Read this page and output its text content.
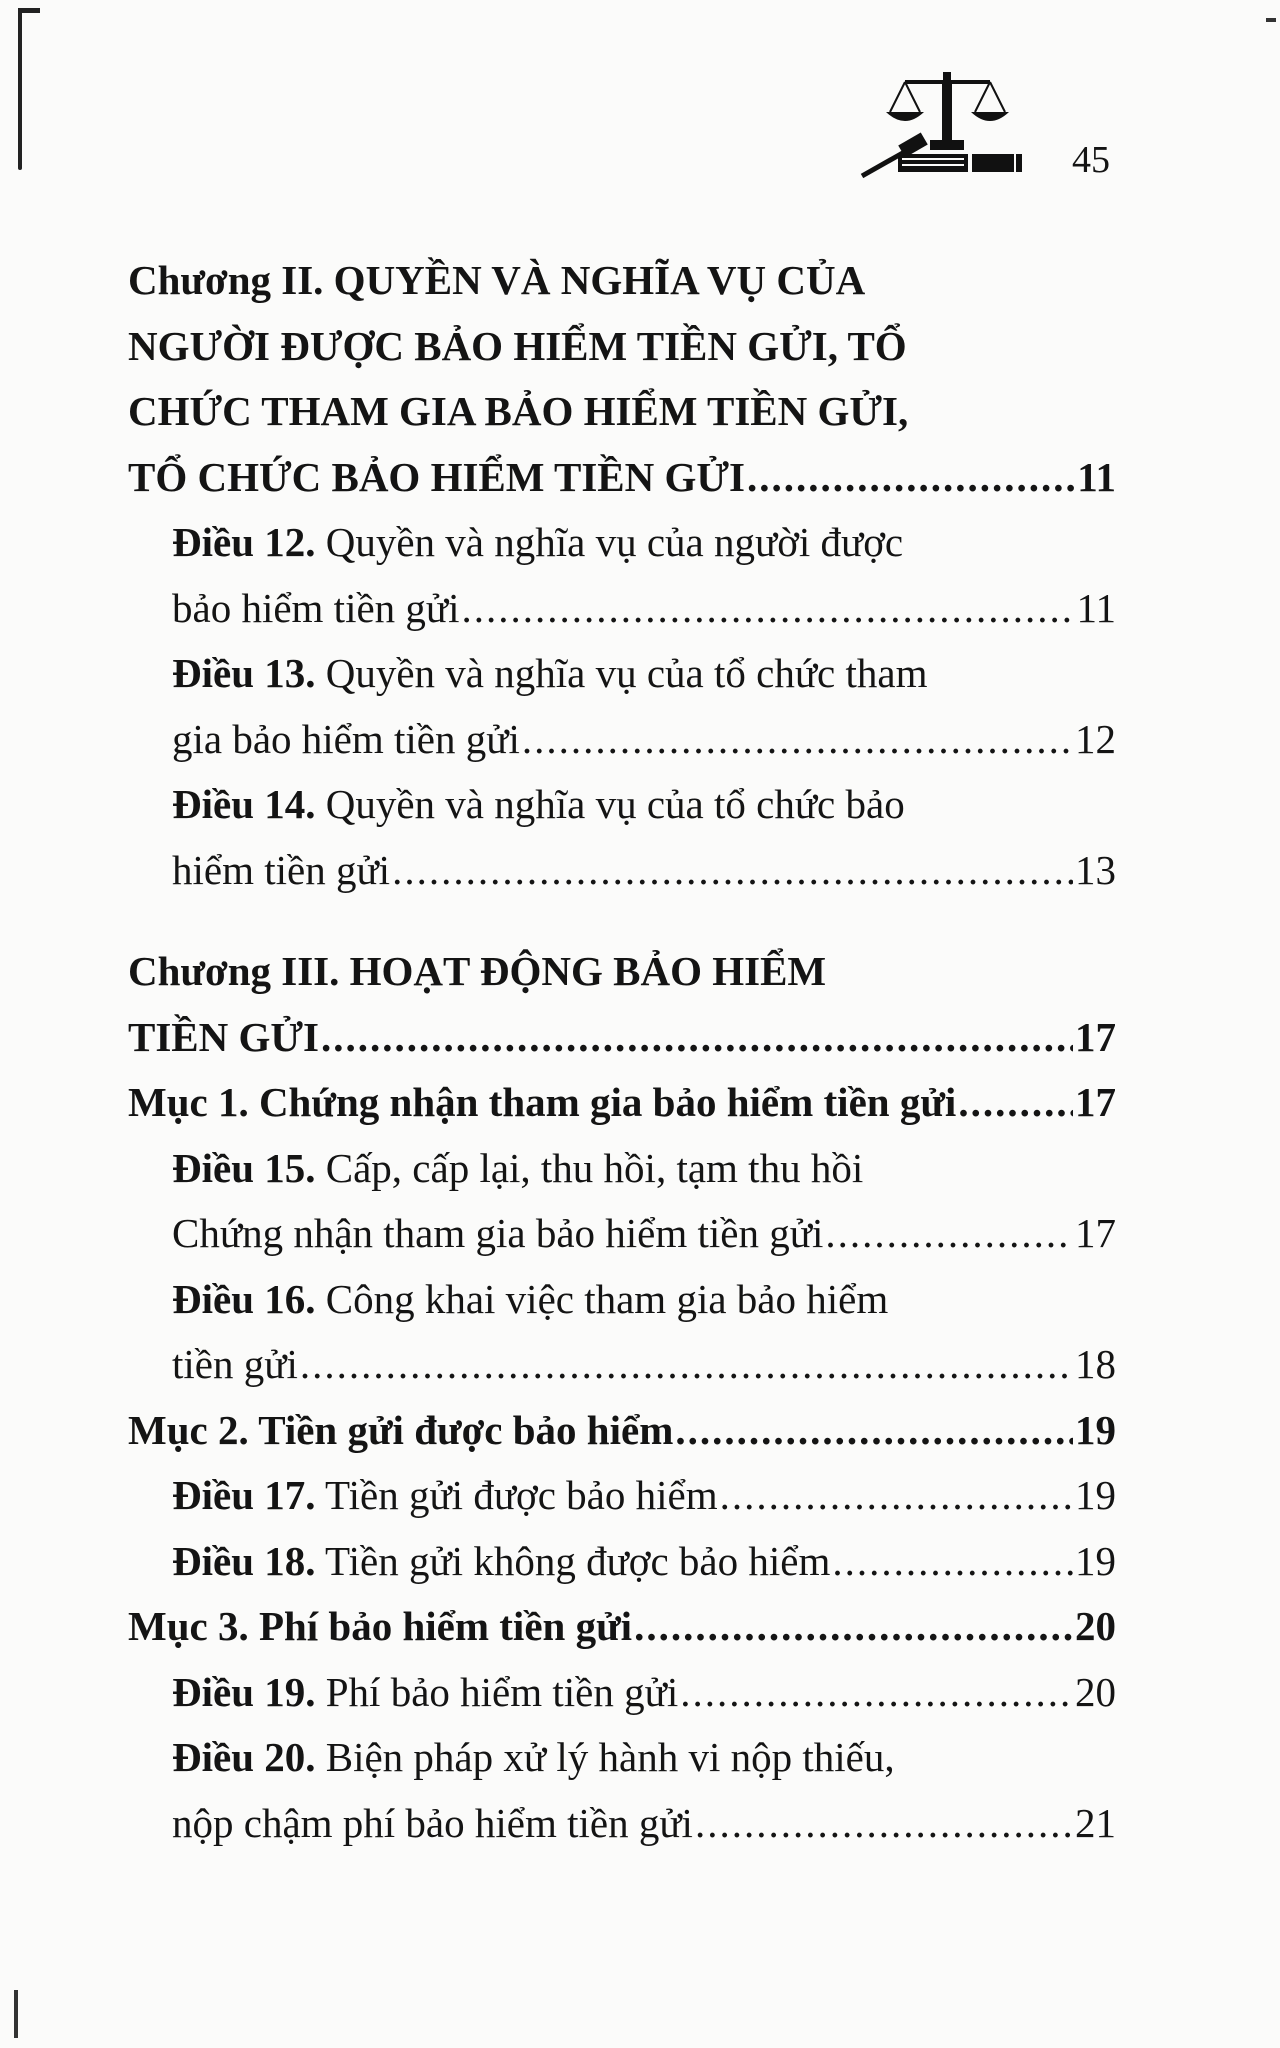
45
Chương II. QUYỀN VÀ NGHĨA VỤ CỦA
NGƯỜI ĐƯỢC BẢO HIỂM TIỀN GỬI, TỔ
CHỨC THAM GIA BẢO HIỂM TIỀN GỬI,
TỔ CHỨC BẢO HIỂM TIỀN GỬI .....	11
Điều 12. Quyền và nghĩa vụ của người được
bảo hiểm tiền gửi .....	11
Điều 13. Quyền và nghĩa vụ của tổ chức tham
gia bảo hiểm tiền gửi .....	12
Điều 14. Quyền và nghĩa vụ của tổ chức bảo
hiểm tiền gửi .....	13
Chương III. HOẠT ĐỘNG BẢO HIỂM
TIỀN GỬI .....	17
Mục 1. Chứng nhận tham gia bảo hiểm tiền gửi .....	17
Điều 15. Cấp, cấp lại, thu hồi, tạm thu hồi
Chứng nhận tham gia bảo hiểm tiền gửi .....	17
Điều 16. Công khai việc tham gia bảo hiểm
tiền gửi .....	18
Mục 2. Tiền gửi được bảo hiểm .....	19
Điều 17. Tiền gửi được bảo hiểm .....	19
Điều 18. Tiền gửi không được bảo hiểm .....	19
Mục 3. Phí bảo hiểm tiền gửi .....	20
Điều 19. Phí bảo hiểm tiền gửi .....	20
Điều 20. Biện pháp xử lý hành vi nộp thiếu,
nộp chậm phí bảo hiểm tiền gửi .....	21
